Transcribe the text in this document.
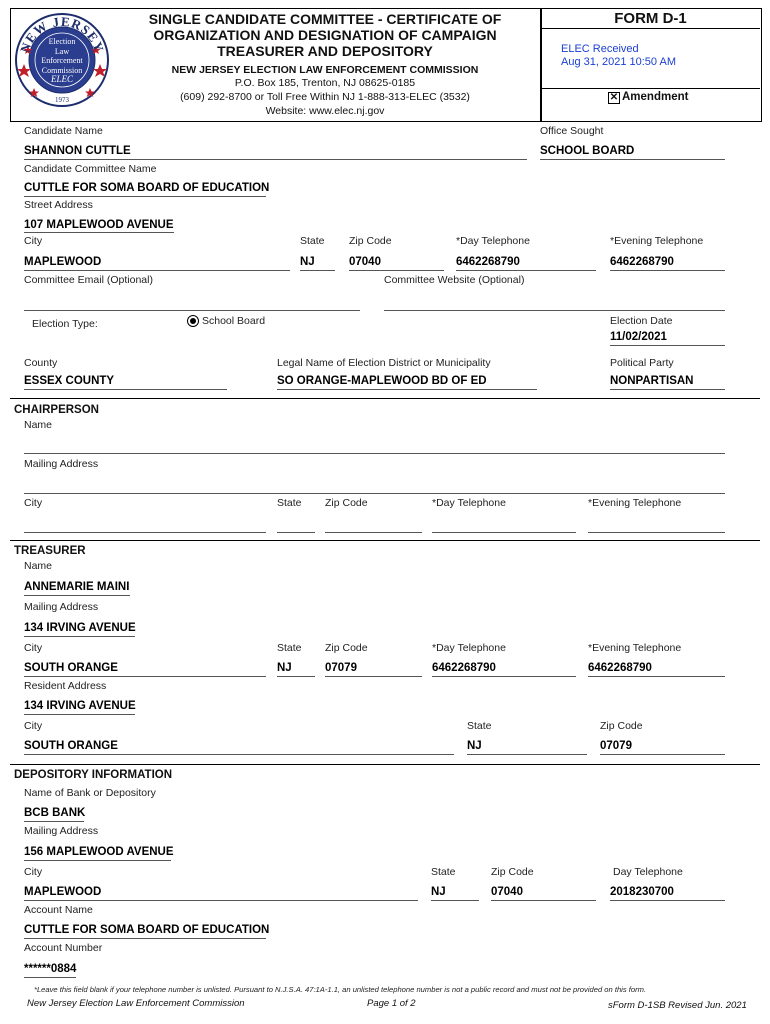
NEW JERSEY
Election
Law
Enforcement
Commission
ELEC
1973
SINGLE CANDIDATE COMMITTEE - CERTIFICATE OF
ORGANIZATION AND DESIGNATION OF CAMPAIGN
TREASURER AND DEPOSITORY
NEW JERSEY ELECTION LAW ENFORCEMENT COMMISSION
P.O. Box 185, Trenton, NJ 08625-0185
(609) 292-8700 or Toll Free Within NJ 1-888-313-ELEC (3532)
Website: www.elec.nj.gov
FORM D-1
ELEC Received
Aug 31, 2021 10:50 AM
✕ Amendment
Candidate Name	Office Sought
SHANNON CUTTLE	SCHOOL BOARD
Candidate Committee Name
CUTTLE FOR SOMA BOARD OF EDUCATION
Street Address
107 MAPLEWOOD AVENUE
City	State Zip Code	*Day Telephone	*Evening Telephone
MAPLEWOOD	NJ	07040	6462268790	6462268790
Committee Email (Optional)	Committee Website (Optional)
Election Type:	School Board	Election Date
11/02/2021
County	Legal Name of Election District or Municipality	Political Party
ESSEX COUNTY	SO ORANGE-MAPLEWOOD BD OF ED	NONPARTISAN
CHAIRPERSON
Name
Mailing Address
City	State Zip Code	*Day Telephone	*Evening Telephone
TREASURER
Name
ANNEMARIE MAINI
Mailing Address
134 IRVING AVENUE
City	State Zip Code	*Day Telephone	*Evening Telephone
SOUTH ORANGE	NJ	07079	6462268790	6462268790
Resident Address
134 IRVING AVENUE
City	State	Zip Code
SOUTH ORANGE	NJ	07079
DEPOSITORY INFORMATION
Name of Bank or Depository
BCB BANK
Mailing Address
156 MAPLEWOOD AVENUE
City	State	Zip Code	Day Telephone
MAPLEWOOD	NJ	07040	2018230700
Account Name
CUTTLE FOR SOMA BOARD OF EDUCATION
Account Number
******0884
*Leave this field blank if your telephone number is unlisted. Pursuant to N.J.S.A. 47:1A-1.1, an unlisted telephone number is not a public record and must not be provided on this form.
New Jersey Election Law Enforcement Commission	Page 1 of 2	sForm D-1SB Revised Jun. 2021
